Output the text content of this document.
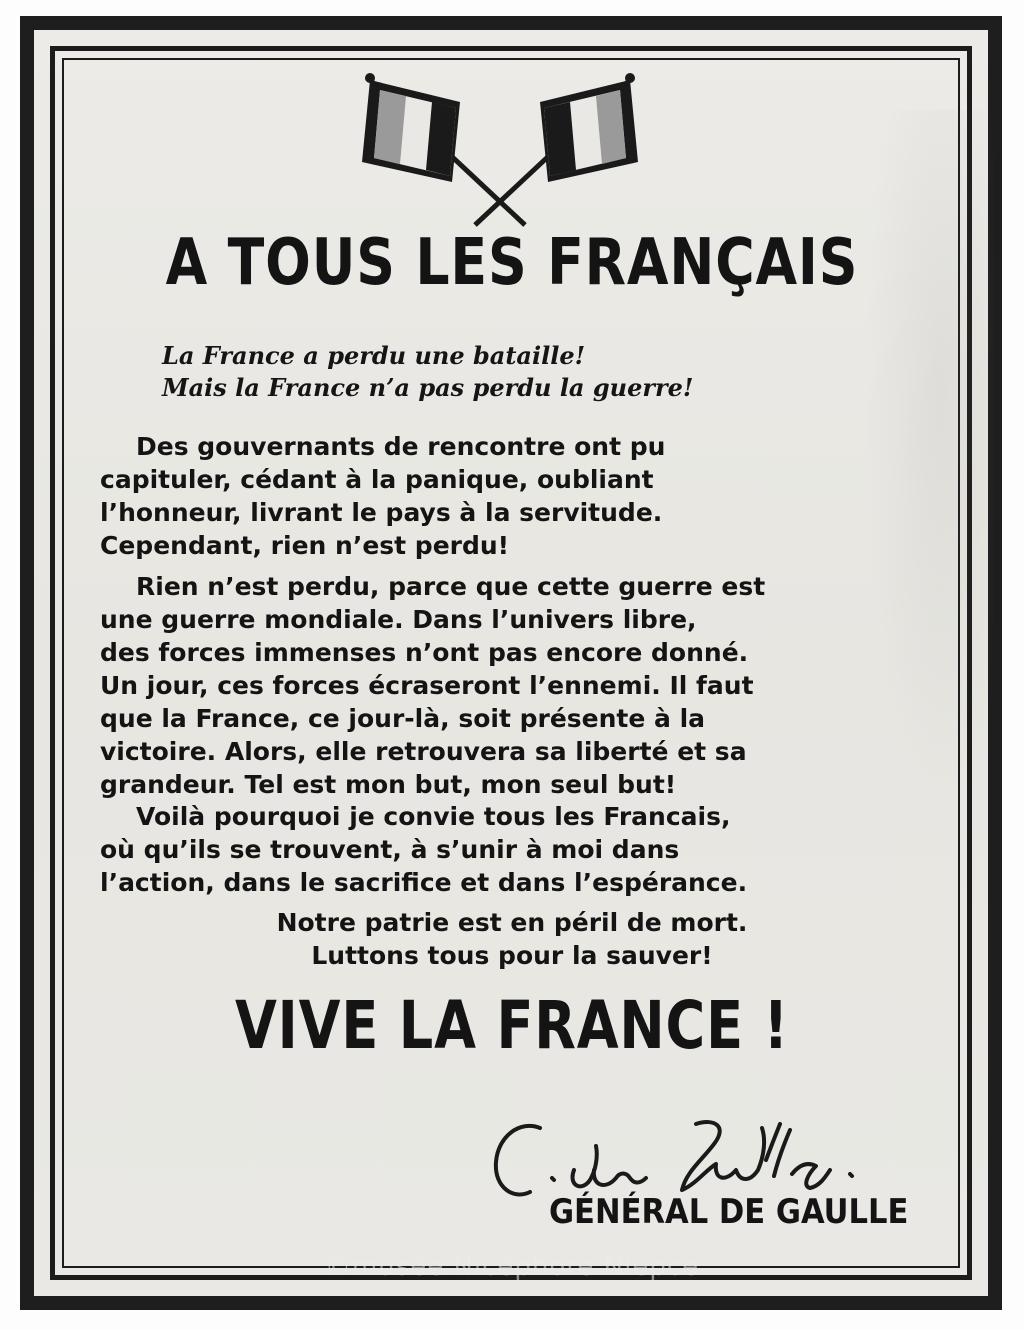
A TOUS LES FRANÇAIS
La France a perdu une bataille!
Mais la France n’a pas perdu la guerre!
Des gouvernants de rencontre ont pu
capituler, cédant à la panique, oubliant
l’honneur, livrant le pays à la servitude.
Cependant, rien n’est perdu!
Rien n’est perdu, parce que cette guerre est
une guerre mondiale. Dans l’univers libre,
des forces immenses n’ont pas encore donné.
Un jour, ces forces écraseront l’ennemi. Il faut
que la France, ce jour-là, soit présente à la
victoire. Alors, elle retrouvera sa liberté et sa
grandeur. Tel est mon but, mon seul but!
Voilà pourquoi je convie tous les Francais,
où qu’ils se trouvent, à s’unir à moi dans
l’action, dans le sacrifice et dans l’espérance.
Notre patrie est en péril de mort.
Luttons tous pour la sauver!
VIVE LA FRANCE !
GÉNÉRAL DE GAULLE
©musée Nicéphore Niépce
